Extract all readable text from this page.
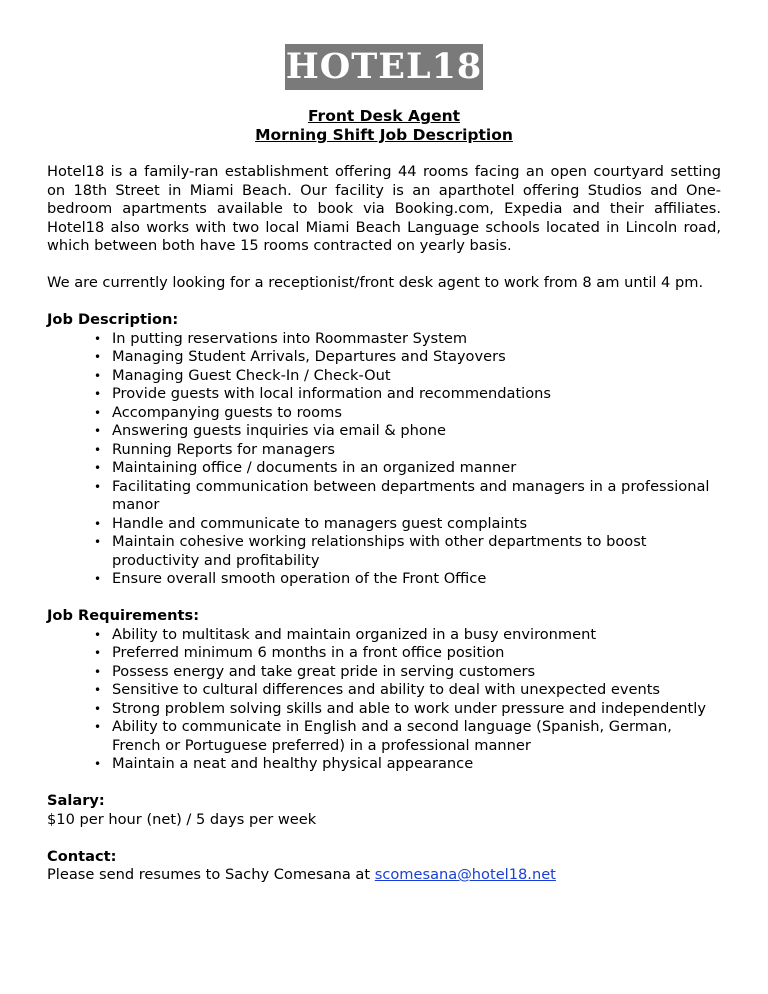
HOTEL18
Front Desk Agent
Morning Shift Job Description

Hotel18 is a family-ran establishment offering 44 rooms facing an open courtyard setting on 18th Street in Miami Beach. Our facility is an aparthotel offering Studios and One-bedroom apartments available to book via Booking.com, Expedia and their affiliates. Hotel18 also works with two local Miami Beach Language schools located in Lincoln road, which between both have 15 rooms contracted on yearly basis.

We are currently looking for a receptionist/front desk agent to work from 8 am until 4 pm.

Job Description:
• In putting reservations into Roommaster System
• Managing Student Arrivals, Departures and Stayovers
• Managing Guest Check-In / Check-Out
• Provide guests with local information and recommendations
• Accompanying guests to rooms
• Answering guests inquiries via email & phone
• Running Reports for managers
• Maintaining office / documents in an organized manner
• Facilitating communication between departments and managers in a professional manor
• Handle and communicate to managers guest complaints
• Maintain cohesive working relationships with other departments to boost productivity and profitability
• Ensure overall smooth operation of the Front Office
Job Requirements:
• Ability to multitask and maintain organized in a busy environment
• Preferred minimum 6 months in a front office position
• Possess energy and take great pride in serving customers
• Sensitive to cultural differences and ability to deal with unexpected events
• Strong problem solving skills and able to work under pressure and independently
• Ability to communicate in English and a second language (Spanish, German, French or Portuguese preferred) in a professional manner
• Maintain a neat and healthy physical appearance
Salary:

$10 per hour (net) / 5 days per week

Contact:

Please send resumes to Sachy Comesana at scomesana@hotel18.net
